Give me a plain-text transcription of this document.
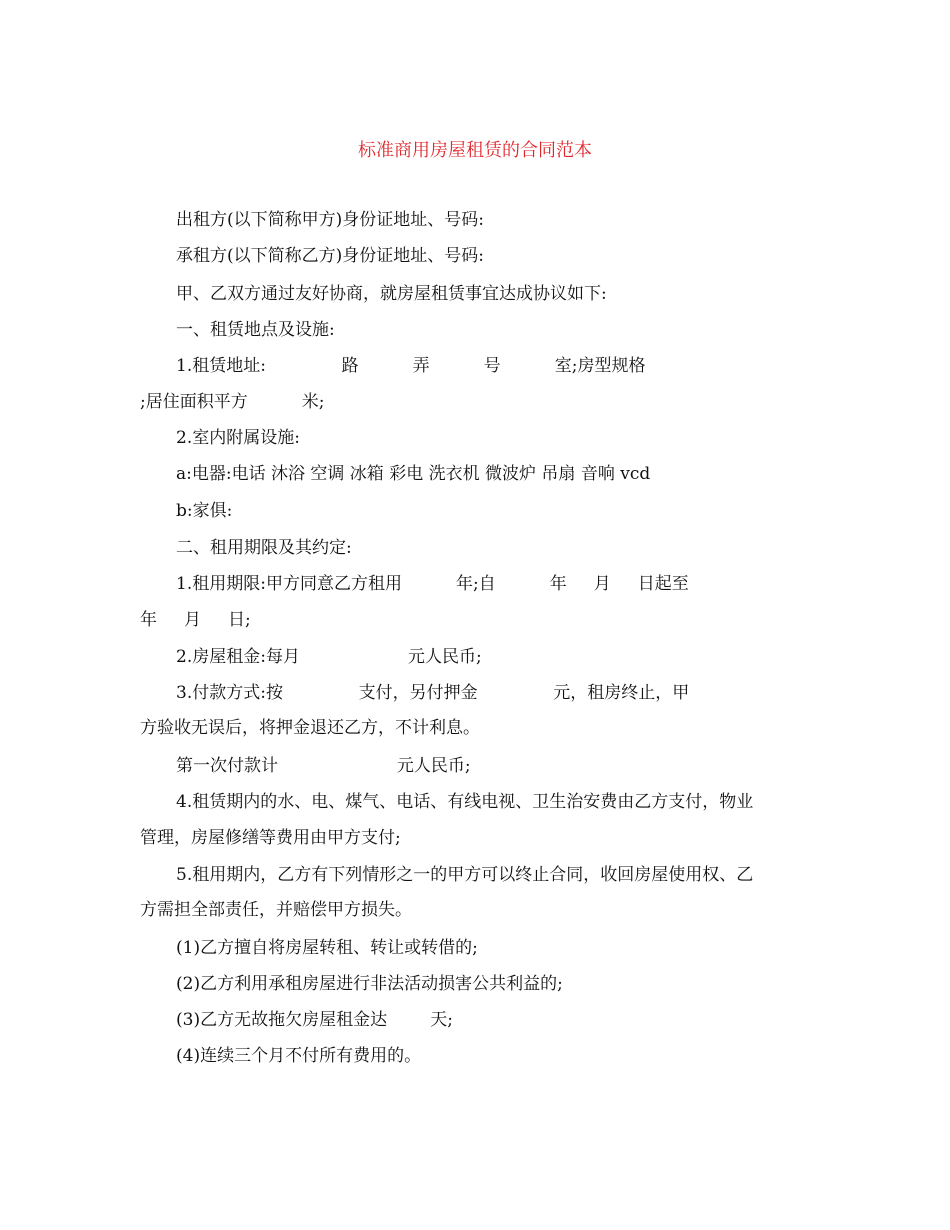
标准商用房屋租赁的合同范本
出租方(以下简称甲方)身份证地址、号码:
承租方(以下简称乙方)身份证地址、号码:
甲、乙双方通过友好协商，就房屋租赁事宜达成协议如下:
一、租赁地点及设施:
1.租赁地址:              路          弄          号          室;房型规格
;居住面积平方          米;
2.室内附属设施:
a:电器:电话 沐浴 空调 冰箱 彩电 洗衣机 微波炉 吊扇 音响 vcd
b:家俱:
二、租用期限及其约定:
1.租用期限:甲方同意乙方租用          年;自          年     月     日起至
年     月     日;
2.房屋租金:每月                    元人民币;
3.付款方式:按              支付，另付押金              元，租房终止，甲
方验收无误后，将押金退还乙方，不计利息。
第一次付款计                      元人民币;
4.租赁期内的水、电、煤气、电话、有线电视、卫生治安费由乙方支付，物业
管理，房屋修缮等费用由甲方支付;
5.租用期内，乙方有下列情形之一的甲方可以终止合同，收回房屋使用权、乙
方需担全部责任，并赔偿甲方损失。
(1)乙方擅自将房屋转租、转让或转借的;
(2)乙方利用承租房屋进行非法活动损害公共利益的;
(3)乙方无故拖欠房屋租金达        天;
(4)连续三个月不付所有费用的。
